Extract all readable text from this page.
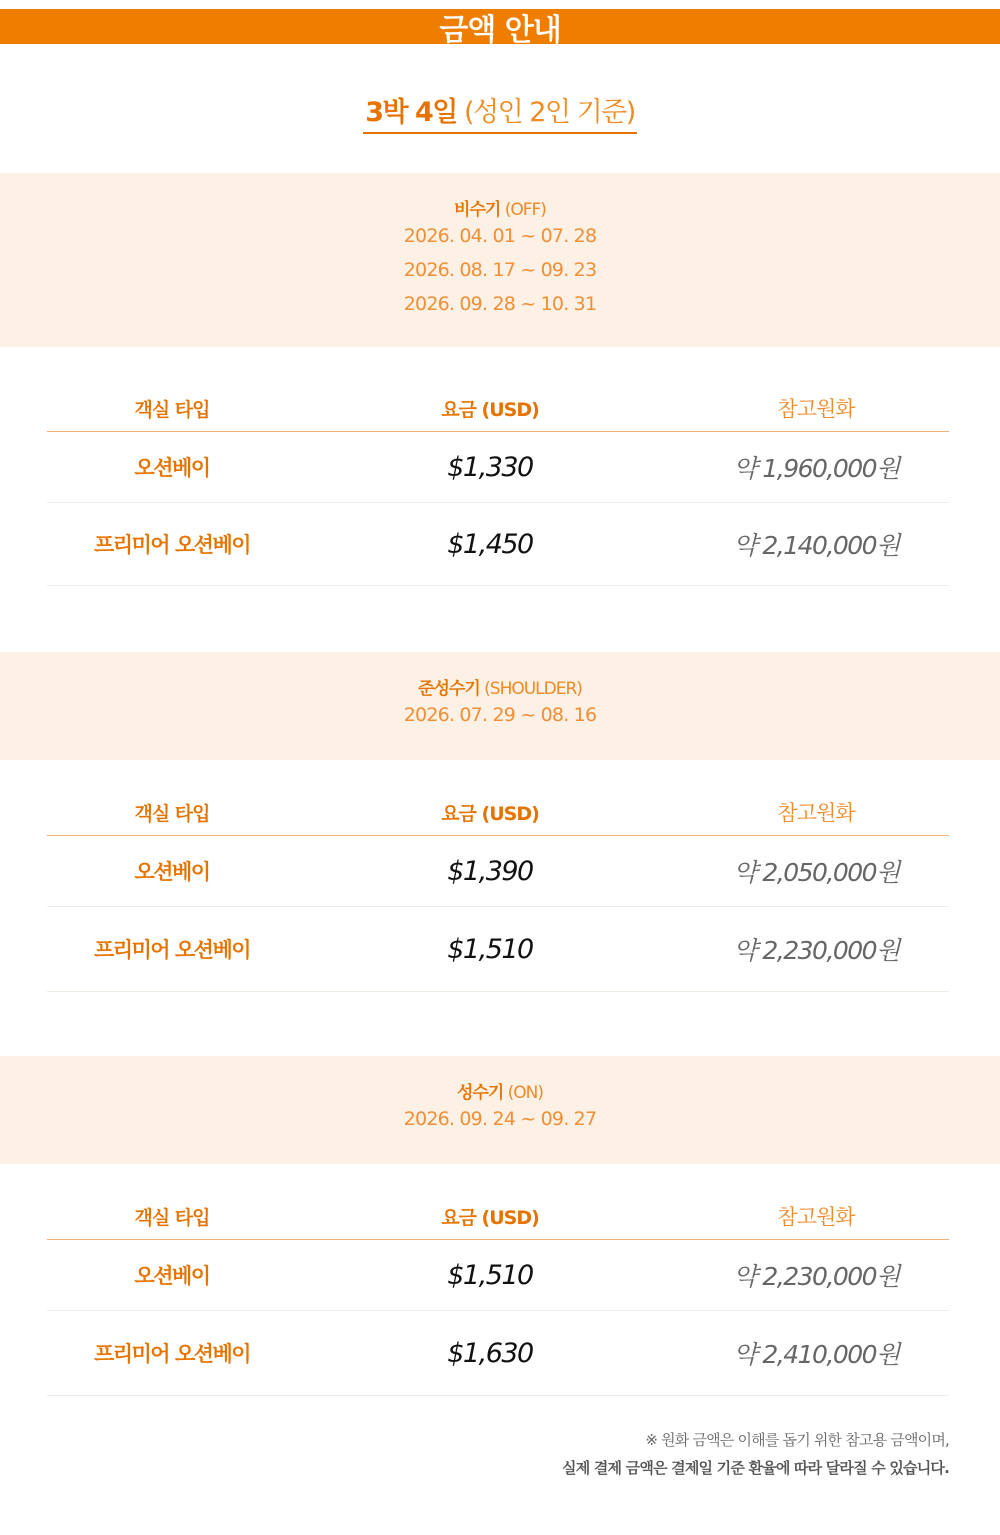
금액 안내
3박 4일 (성인 2인 기준)
비수기 (OFF)
2026. 04. 01 ~ 07. 28
2026. 08. 17 ~ 09. 23
2026. 09. 28 ~ 10. 31
객실 타입	요금 (USD)	참고원화
오션베이	$1,330	약 1,960,000원
프리미어 오션베이	$1,450	약 2,140,000원
준성수기 (SHOULDER)
2026. 07. 29 ~ 08. 16
객실 타입	요금 (USD)	참고원화
오션베이	$1,390	약 2,050,000원
프리미어 오션베이	$1,510	약 2,230,000원
성수기 (ON)
2026. 09. 24 ~ 09. 27
객실 타입	요금 (USD)	참고원화
오션베이	$1,510	약 2,230,000원
프리미어 오션베이	$1,630	약 2,410,000원
※ 원화 금액은 이해를 돕기 위한 참고용 금액이며,
실제 결제 금액은 결제일 기준 환율에 따라 달라질 수 있습니다.
